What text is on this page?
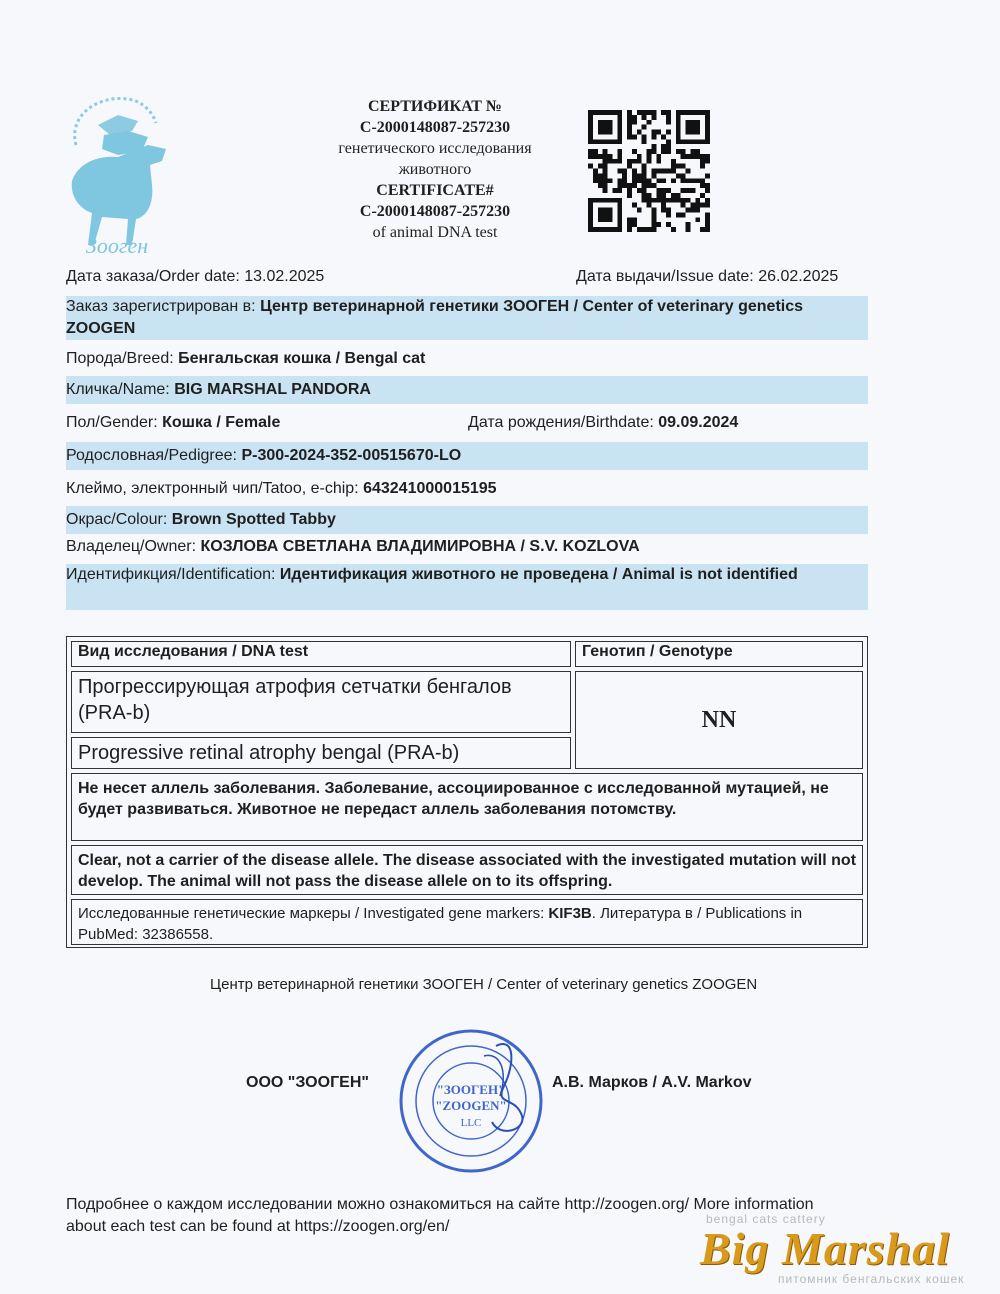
Зооген
СЕРТИФИКАТ №
С-2000148087-257230
генетического исследования
животного
CERTIFICATE#
С-2000148087-257230
of animal DNA test
Дата заказа/Order date: 13.02.2025	Дата выдачи/Issue date: 26.02.2025
Заказ зарегистрирован в: Центр ветеринарной генетики ЗООГЕН / Center of veterinary genetics ZOOGEN
Порода/Breed: Бенгальская кошка / Bengal cat
Кличка/Name: BIG MARSHAL PANDORA
Пол/Gender: Кошка / Female	Дата рождения/Birthdate: 09.09.2024
Родословная/Pedigree: P-300-2024-352-00515670-LO
Клеймо, электронный чип/Tatoo, e-chip: 643241000015195
Окрас/Colour: Brown Spotted Tabby
Владелец/Owner: КОЗЛОВА СВЕТЛАНА ВЛАДИМИРОВНА / S.V. KOZLOVA
Идентификция/Identification: Идентификация животного не проведена / Animal is not identified
Вид исследования / DNA test	Генотип / Genotype
Прогрессирующая атрофия сетчатки бенгалов (PRA-b)
Progressive retinal atrophy bengal (PRA-b)
NN
Не несет аллель заболевания. Заболевание, ассоциированное с исследованной мутацией, не будет развиваться. Животное не передаст аллель заболевания потомству.
Clear, not a carrier of the disease allele. The disease associated with the investigated mutation will not develop. The animal will not pass the disease allele on to its offspring.
Исследованные генетические маркеры / Investigated gene markers: KIF3B. Литература в / Publications in PubMed: 32386558.
Центр ветеринарной генетики ЗООГЕН / Center of veterinary genetics ZOOGEN
ООО "ЗООГЕН"	"ЗООГЕН"
"ZOOGEN"
LLC
А.В. Марков / A.V. Markov
Подробнее о каждом исследовании можно ознакомиться на сайте http://zoogen.org/ More information about each test can be found at https://zoogen.org/en/	bengal cats cattery
Big Marshal
питомник бенгальских кошек
